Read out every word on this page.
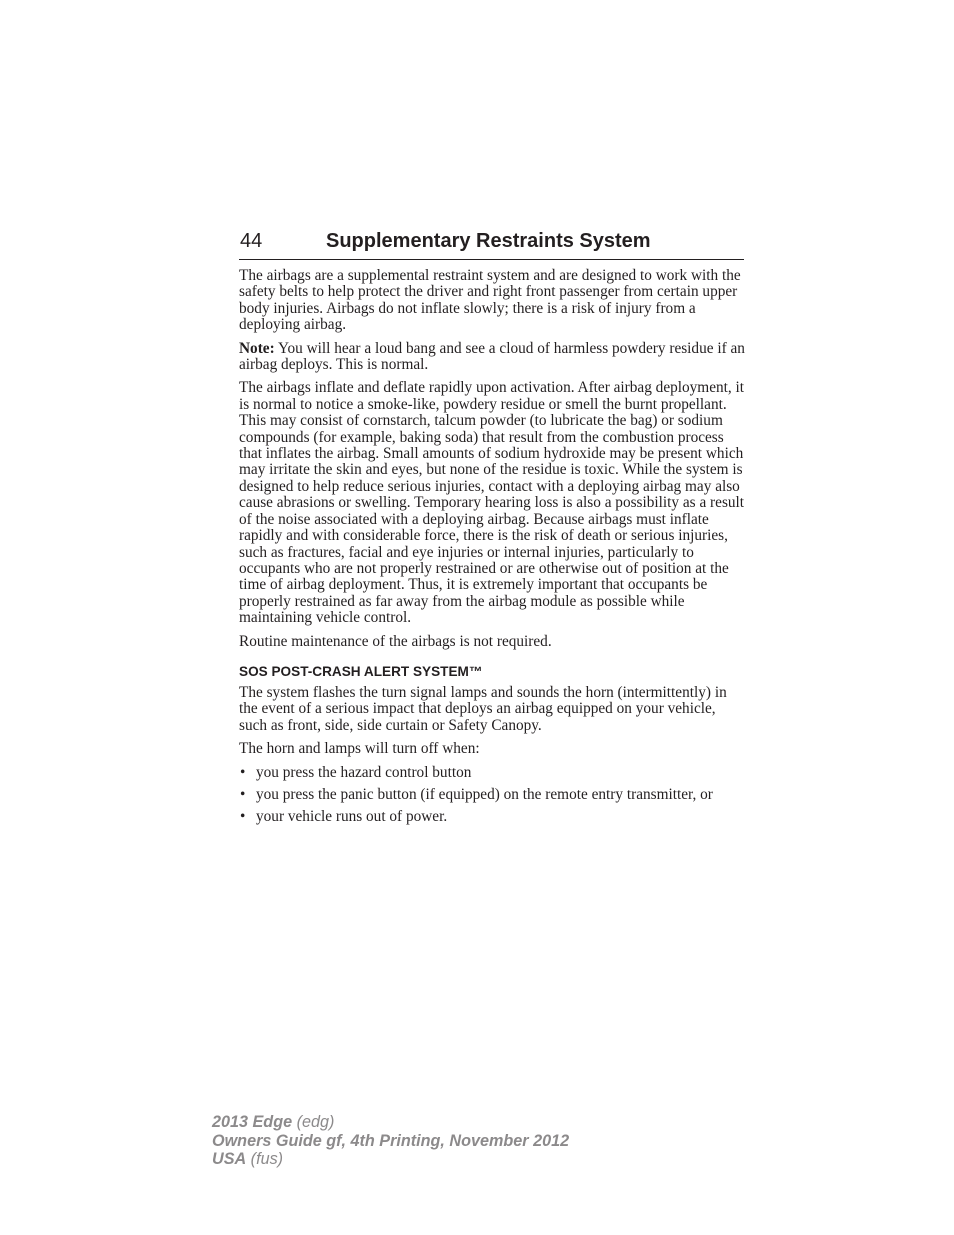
44	Supplementary Restraints System

The airbags are a supplemental restraint system and are designed to work with the safety belts to help protect the driver and right front passenger from certain upper body injuries. Airbags do not inflate slowly; there is a risk of injury from a deploying airbag.

Note: You will hear a loud bang and see a cloud of harmless powdery residue if an airbag deploys. This is normal.

The airbags inflate and deflate rapidly upon activation. After airbag deployment, it is normal to notice a smoke-like, powdery residue or smell the burnt propellant. This may consist of cornstarch, talcum powder (to lubricate the bag) or sodium compounds (for example, baking soda) that result from the combustion process that inflates the airbag. Small amounts of sodium hydroxide may be present which may irritate the skin and eyes, but none of the residue is toxic. While the system is designed to help reduce serious injuries, contact with a deploying airbag may also cause abrasions or swelling. Temporary hearing loss is also a possibility as a result of the noise associated with a deploying airbag. Because airbags must inflate rapidly and with considerable force, there is the risk of death or serious injuries, such as fractures, facial and eye injuries or internal injuries, particularly to occupants who are not properly restrained or are otherwise out of position at the time of airbag deployment. Thus, it is extremely important that occupants be properly restrained as far away from the airbag module as possible while maintaining vehicle control.

Routine maintenance of the airbags is not required.

SOS POST-CRASH ALERT SYSTEM™

The system flashes the turn signal lamps and sounds the horn (intermittently) in the event of a serious impact that deploys an airbag equipped on your vehicle, such as front, side, side curtain or Safety Canopy.

The horn and lamps will turn off when:

• you press the hazard control button
• you press the panic button (if equipped) on the remote entry transmitter, or
• your vehicle runs out of power.
2013 Edge (edg)
Owners Guide gf, 4th Printing, November 2012
USA (fus)
